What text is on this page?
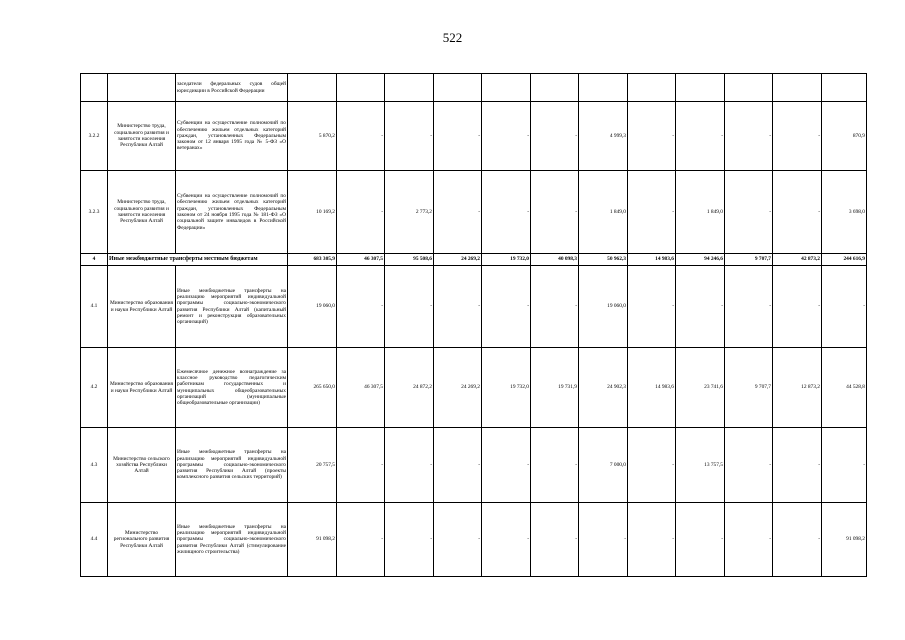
522
		заседатели федеральных судов общей юрисдикции в Российской Федерации												
3.2.2	Министерство труда, социального развития и занятости населения Республики Алтай	Субвенции на осуществление полномочий по обеспечению жильем отдельных категорий граждан, установленных Федеральным законом от 12 января 1995 года № 5-ФЗ «О ветеранах»	5 870,2	-	-	-	-	-	4 999,3	-	-	-	-	870,9
3.2.3	Министерство труда, социального развития и занятости населения Республики Алтай	Субвенции на осуществление полномочий по обеспечению жильем отдельных категорий граждан, установленных Федеральным законом от 24 ноября 1995 года № 181-ФЗ «О социальной защите инвалидов в Российской Федерации»	10 169,2	-	2 773,2	-	-	-	1 849,0	-	1 849,0	-	-	3 698,0
4	Иные межбюджетные трансферты местным бюджетам		683 305,9	46 307,5	95 508,6	24 269,2	19 732,0	40 098,3	50 962,3	14 983,6	94 246,6	9 707,7	42 873,2	244 616,9
4.1	Министерство образования и науки Республики Алтай	Иные межбюджетные трансферты на реализацию мероприятий индивидуальной программы социально-экономического развития Республики Алтай (капитальный ремонт и реконструкция образовательных организаций)	19 060,0	-	-	-	-	-	19 060,0	-	-	-	-	-
4.2	Министерство образования и науки Республики Алтай	Ежемесячное денежное вознаграждение за классное руководство педагогическим работникам государственных и муниципальных общеобразовательных организаций (муниципальные общеобразовательные организации)	265 650,0	46 307,5	24 872,2	24 269,2	19 732,0	19 731,9	24 902,3	14 983,6	23 741,6	9 707,7	12 873,2	44 528,8
4.3	Министерство сельского хозяйства Республики Алтай	Иные межбюджетные трансферты на реализацию мероприятий индивидуальной программы социально-экономического развития Республики Алтай (проекты комплексного развития сельских территорий)	20 757,5	-	-	-	-	-	7 000,0	-	13 757,5	-	-	-
4.4	Министерство регионального развития Республики Алтай	Иные межбюджетные трансферты на реализацию мероприятий индивидуальной программы социально-экономического развития Республики Алтай (стимулирование жилищного строительства)	91 098,2	-	-	-	-	-	-	-	-	-	-	91 098,2
